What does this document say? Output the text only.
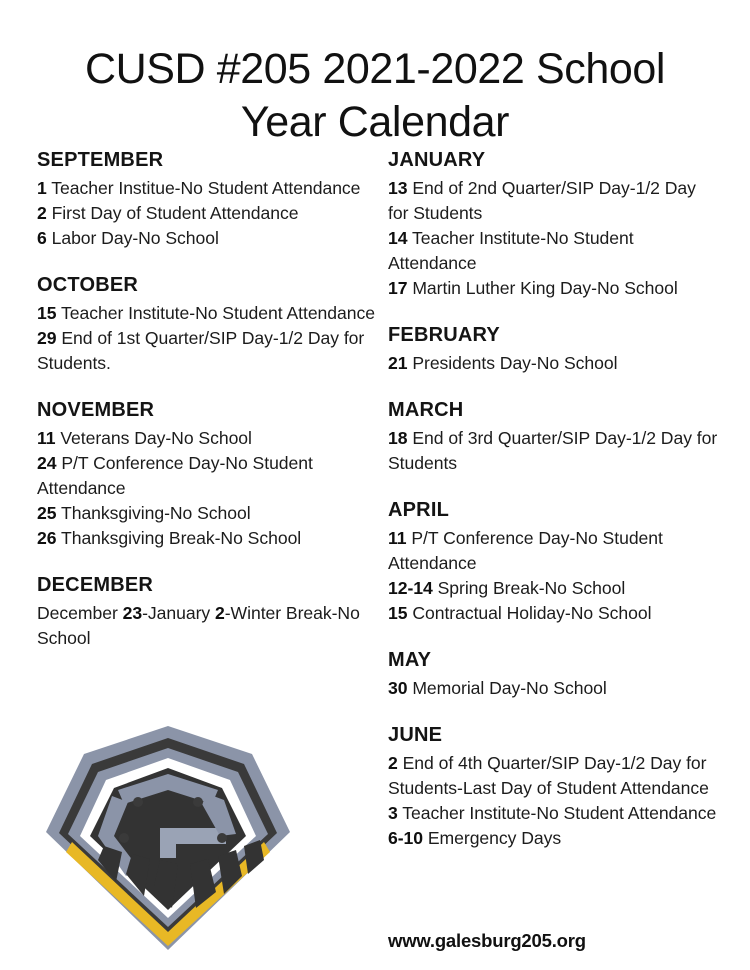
CUSD #205 2021-2022 School
Year Calendar
SEPTEMBER

1 Teacher Institue-No Student Attendance

2 First Day of Student Attendance

6 Labor Day-No School

OCTOBER

15 Teacher Institute-No Student Attendance

29 End of 1st Quarter/SIP Day-1/2 Day for Students.

NOVEMBER

11 Veterans Day-No School

24 P/T Conference Day-No Student Attendance

25 Thanksgiving-No School

26 Thanksgiving Break-No School

DECEMBER

December 23-January 2-Winter Break-No School

JANUARY

13 End of 2nd Quarter/SIP Day-1/2 Day for Students

14 Teacher Institute-No Student Attendance

17 Martin Luther King Day-No School

FEBRUARY

21 Presidents Day-No School

MARCH

18 End of 3rd Quarter/SIP Day-1/2 Day for Students

APRIL

11 P/T Conference Day-No Student Attendance

12-14 Spring Break-No School

15 Contractual Holiday-No School

MAY

30 Memorial Day-No School

JUNE

2 End of 4th Quarter/SIP Day-1/2 Day for Students-Last Day of Student Attendance

3 Teacher Institute-No Student Attendance

6-10 Emergency Days

www.galesburg205.org
